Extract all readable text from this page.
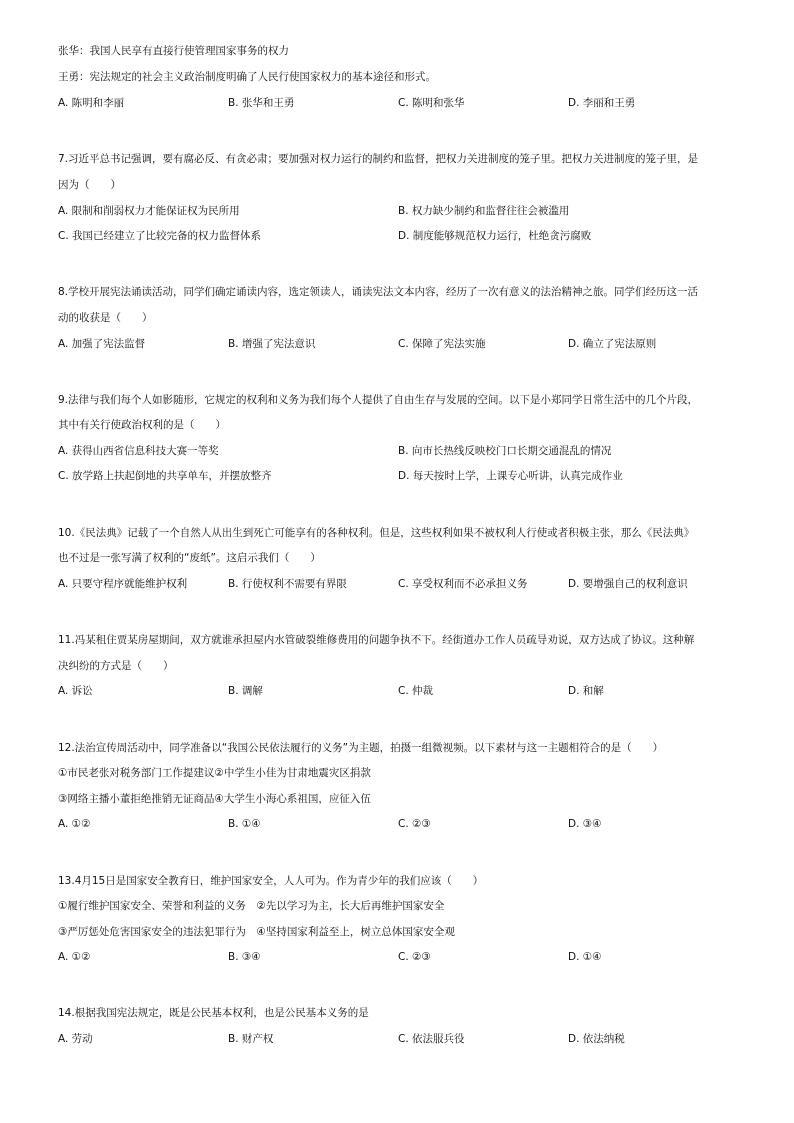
张华：我国人民享有直接行使管理国家事务的权力
王勇：宪法规定的社会主义政治制度明确了人民行使国家权力的基本途径和形式。
A. 陈明和李丽	B. 张华和王勇	C. 陈明和张华	D. 李丽和王勇
7.习近平总书记强调，要有腐必反、有贪必肃；要加强对权力运行的制约和监督，把权力关进制度的笼子里。把权力关进制度的笼子里，是
因为（　　）
A. 限制和削弱权力才能保证权为民所用	B. 权力缺少制约和监督往往会被滥用
C. 我国已经建立了比较完备的权力监督体系	D. 制度能够规范权力运行，杜绝贪污腐败
8.学校开展宪法诵读活动，同学们确定诵读内容，选定领读人，诵读宪法文本内容，经历了一次有意义的法治精神之旅。同学们经历这一活
动的收获是（　　）
A. 加强了宪法监督	B. 增强了宪法意识	C. 保障了宪法实施	D. 确立了宪法原则
9.法律与我们每个人如影随形，它规定的权利和义务为我们每个人提供了自由生存与发展的空间。以下是小郑同学日常生活中的几个片段，
其中有关行使政治权利的是（　　）
A. 获得山西省信息科技大赛一等奖	B. 向市长热线反映校门口长期交通混乱的情况
C. 放学路上扶起倒地的共享单车，并摆放整齐	D. 每天按时上学，上课专心听讲，认真完成作业
10.《民法典》记载了一个自然人从出生到死亡可能享有的各种权利。但是，这些权利如果不被权利人行使或者积极主张，那么《民法典》
也不过是一张写满了权利的“废纸”。这启示我们（　　）
A. 只要守程序就能维护权利	B. 行使权利不需要有界限	C. 享受权利而不必承担义务	D. 要增强自己的权利意识
11.冯某租住贾某房屋期间，双方就谁承担屋内水管破裂维修费用的问题争执不下。经街道办工作人员疏导劝说，双方达成了协议。这种解
决纠纷的方式是（　　）
A. 诉讼	B. 调解	C. 仲裁	D. 和解
12.法治宣传周活动中，同学准备以“我国公民依法履行的义务”为主题，拍摄一组微视频。以下素材与这一主题相符合的是（　　）
①市民老张对税务部门工作提建议②中学生小佳为甘肃地震灾区捐款
③网络主播小董拒绝推销无证商品④大学生小海心系祖国，应征入伍
A. ①②	B. ①④	C. ②③	D. ③④
13.4月15日是国家安全教育日，维护国家安全，人人可为。作为青少年的我们应该（　　）
①履行维护国家安全、荣誉和利益的义务　②先以学习为主，长大后再维护国家安全
③严厉惩处危害国家安全的违法犯罪行为　④坚持国家利益至上，树立总体国家安全观
A. ①②	B. ③④	C. ②③	D. ①④
14.根据我国宪法规定，既是公民基本权利，也是公民基本义务的是
A. 劳动	B. 财产权	C. 依法服兵役	D. 依法纳税
